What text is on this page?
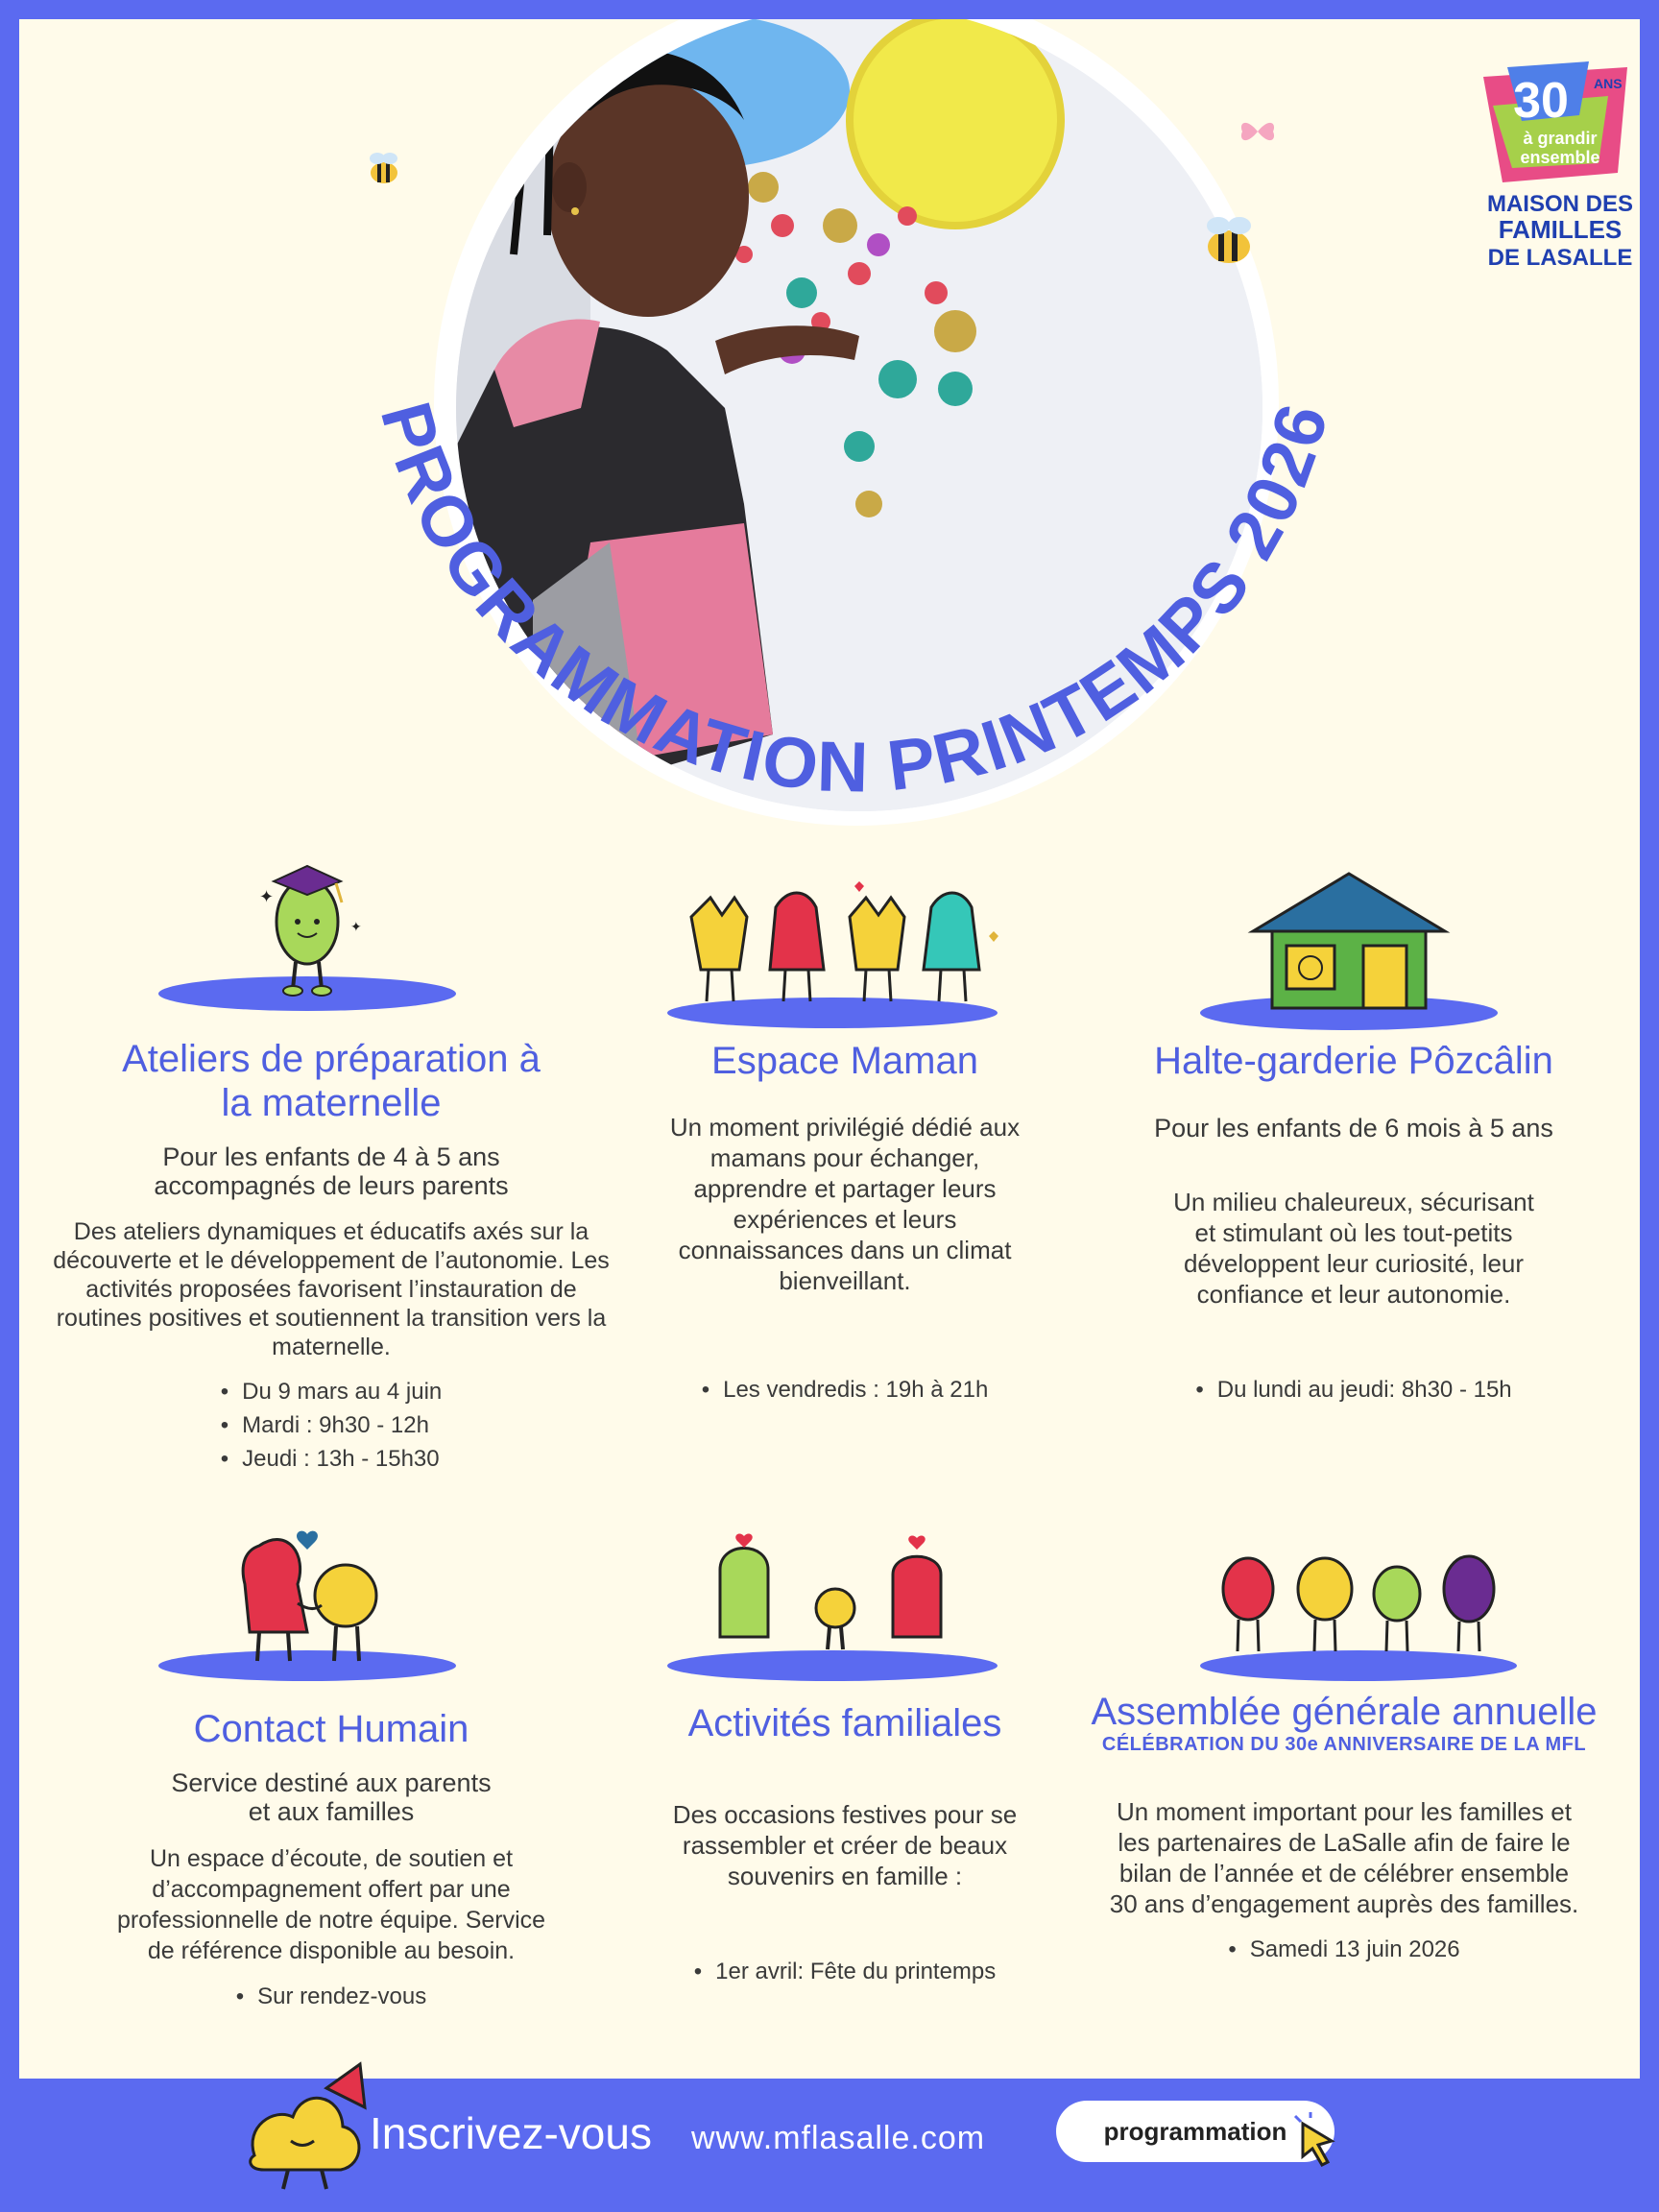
PROGRAMMATION PRINTEMPS 2026
30 ANS
à grandir
ensemble
MAISON DES
FAMILLES
DE LASALLE
✦
✦
Ateliers de préparation à la maternelle

Pour les enfants de 4 à 5 ans accompagnés de leurs parents

Des ateliers dynamiques et éducatifs axés sur la découverte et le développement de l’autonomie. Les activités proposées favorisent l’instauration de routines positives et soutiennent la transition vers la maternelle.

• Du 9 mars au 4 juin
• Mardi : 9h30 - 12h
• Jeudi : 13h - 15h30
Espace Maman

Un moment privilégié dédié aux mamans pour échanger, apprendre et partager leurs expériences et leurs connaissances dans un climat bienveillant.

• Les vendredis : 19h à 21h
Halte-garderie Pôzcâlin

Pour les enfants de 6 mois à 5 ans

Un milieu chaleureux, sécurisant et stimulant où les tout-petits développent leur curiosité, leur confiance et leur autonomie.

• Du lundi au jeudi: 8h30 - 15h
Contact Humain

Service destiné aux parents et aux familles

Un espace d’écoute, de soutien et d’accompagnement offert par une professionnelle de notre équipe. Service de référence disponible au besoin.

• Sur rendez-vous
Activités familiales

Des occasions festives pour se rassembler et créer de beaux souvenirs en famille :

• 1er avril: Fête du printemps
Assemblée générale annuelle

CÉLÉBRATION DU 30e ANNIVERSAIRE DE LA MFL

Un moment important pour les familles et les partenaires de LaSalle afin de faire le bilan de l’année et de célébrer ensemble 30 ans d’engagement auprès des familles.

• Samedi 13 juin 2026
Inscrivez-vous www.mflasalle.com	programmation
